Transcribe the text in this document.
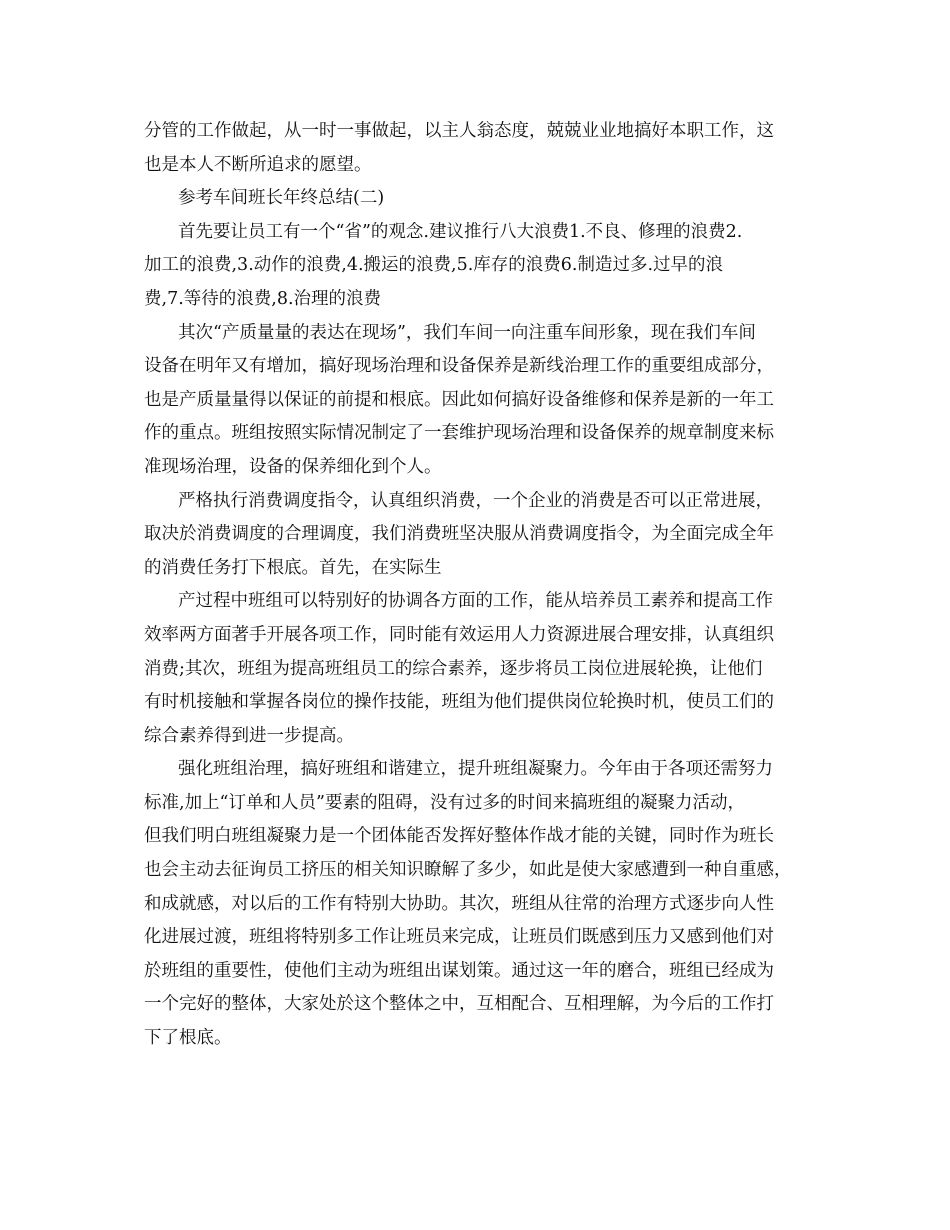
分管的工作做起，从一时一事做起，以主人翁态度，兢兢业业地搞好本职工作，这
也是本人不断所追求的愿望。

参考车间班长年终总结(二)

首先要让员工有一个“省”的观念.建议推行八大浪费1.不良、修理的浪费2.
加工的浪费,3.动作的浪费,4.搬运的浪费,5.库存的浪费6.制造过多.过早的浪
费,7.等待的浪费,8.治理的浪费

其次“产质量量的表达在现场”，我们车间一向注重车间形象，现在我们车间
设备在明年又有增加，搞好现场治理和设备保养是新线治理工作的重要组成部分，
也是产质量量得以保证的前提和根底。因此如何搞好设备维修和保养是新的一年工
作的重点。班组按照实际情况制定了一套维护现场治理和设备保养的规章制度来标
准现场治理，设备的保养细化到个人。

严格执行消费调度指令，认真组织消费，一个企业的消费是否可以正常进展，
取决於消费调度的合理调度，我们消费班坚决服从消费调度指令，为全面完成全年
的消费任务打下根底。首先，在实际生

产过程中班组可以特别好的协调各方面的工作，能从培养员工素养和提高工作
效率两方面著手开展各项工作，同时能有效运用人力资源进展合理安排，认真组织
消费;其次，班组为提高班组员工的综合素养，逐步将员工岗位进展轮换，让他们
有时机接触和掌握各岗位的操作技能，班组为他们提供岗位轮换时机，使员工们的
综合素养得到进一步提高。

强化班组治理，搞好班组和谐建立，提升班组凝聚力。今年由于各项还需努力
标准,加上“订单和人员”要素的阻碍，没有过多的时间来搞班组的凝聚力活动，
但我们明白班组凝聚力是一个团体能否发挥好整体作战才能的关键，同时作为班长
也会主动去征询员工挤压的相关知识瞭解了多少，如此是使大家感遭到一种自重感，
和成就感，对以后的工作有特别大协助。其次，班组从往常的治理方式逐步向人性
化进展过渡，班组将特别多工作让班员来完成，让班员们既感到压力又感到他们对
於班组的重要性，使他们主动为班组出谋划策。通过这一年的磨合，班组已经成为
一个完好的整体，大家处於这个整体之中，互相配合、互相理解，为今后的工作打
下了根底。
